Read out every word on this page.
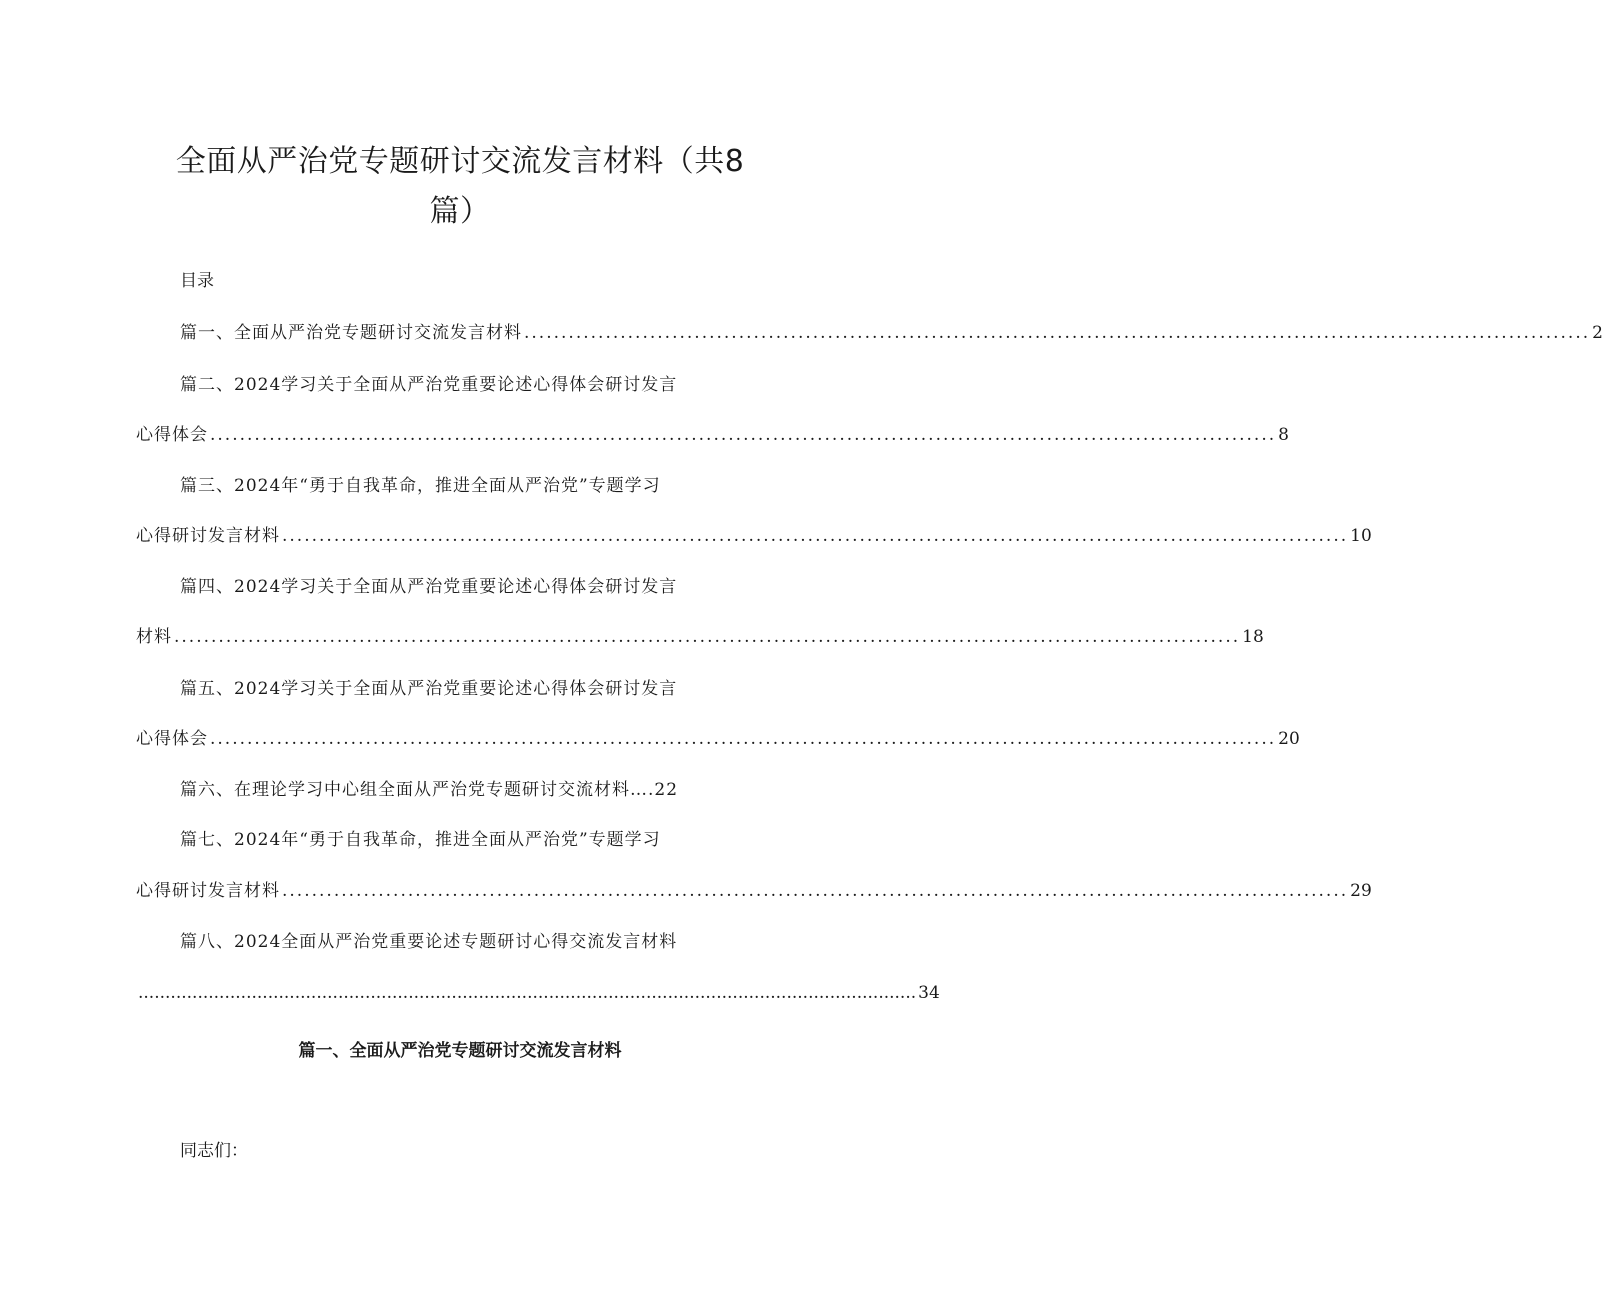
全面从严治党专题研讨交流发言材料（共8
篇）
目录
篇一、全面从严治党专题研讨交流发言材料 ................................................................................................................................................ 2
篇二、2024学习关于全面从严治党重要论述心得体会研讨发言
心得体会 ................................................................................................................................................ 8
篇三、2024年“勇于自我革命，推进全面从严治党”专题学习
心得研讨发言材料 ................................................................................................................................................ 10
篇四、2024学习关于全面从严治党重要论述心得体会研讨发言
材料 ................................................................................................................................................ 18
篇五、2024学习关于全面从严治党重要论述心得体会研讨发言
心得体会 ................................................................................................................................................ 20
篇六、在理论学习中心组全面从严治党专题研讨交流材料….22
篇七、2024年“勇于自我革命，推进全面从严治党”专题学习
心得研讨发言材料 ................................................................................................................................................ 29
篇八、2024全面从严治党重要论述专题研讨心得交流发言材料
................................................................................................................................................ 34
篇一、全面从严治党专题研讨交流发言材料
同志们：
